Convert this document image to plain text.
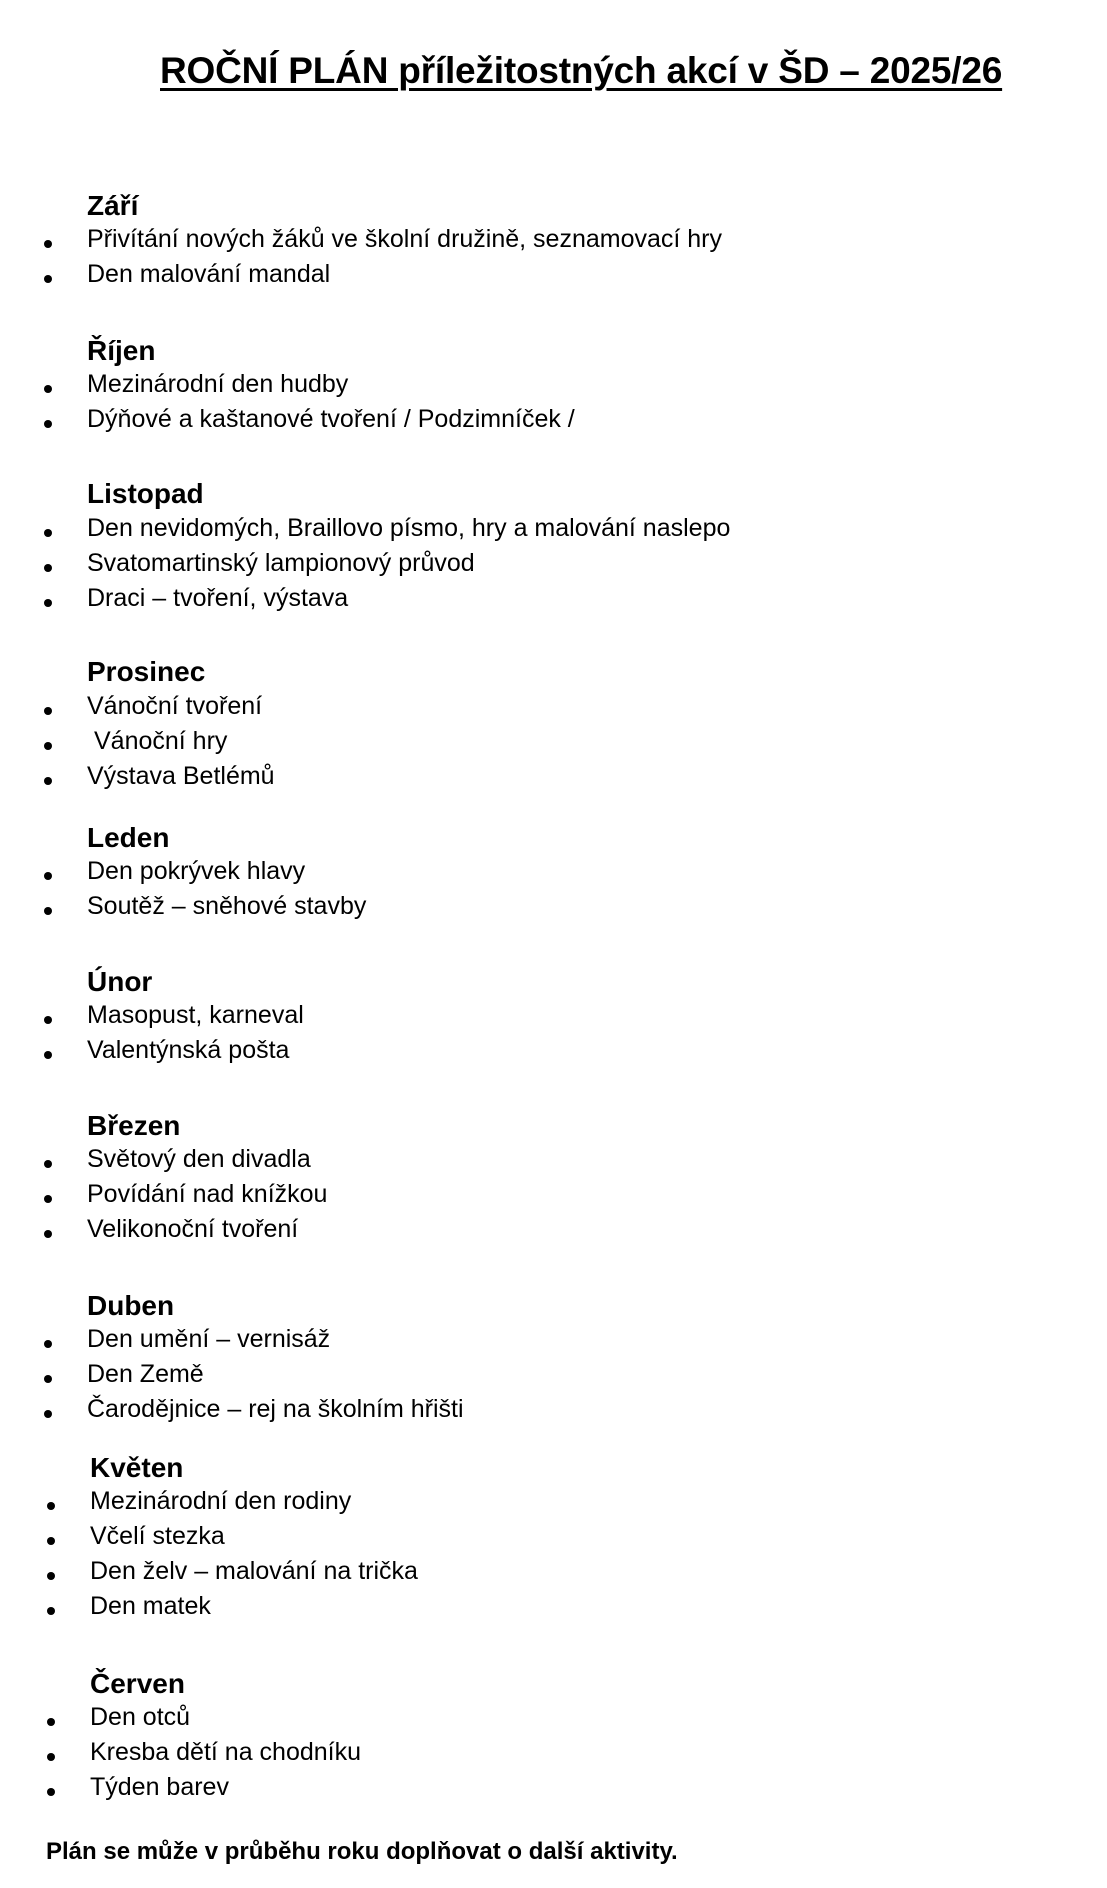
ROČNÍ PLÁN příležitostných akcí v ŠD – 2025/26
Září
Přivítání nových žáků ve školní družině, seznamovací hry
Den malování mandal
Říjen
Mezinárodní den hudby
Dýňové a kaštanové tvoření / Podzimníček /
Listopad
Den nevidomých, Braillovo písmo, hry a malování naslepo
Svatomartinský lampionový průvod
Draci – tvoření, výstava
Prosinec
Vánoční tvoření
Vánoční hry
Výstava Betlémů
Leden
Den pokrývek hlavy
Soutěž – sněhové stavby
Únor
Masopust, karneval
Valentýnská pošta
Březen
Světový den divadla
Povídání nad knížkou
Velikonoční tvoření
Duben
Den umění – vernisáž
Den Země
Čarodějnice – rej na školním hřišti
Květen
Mezinárodní den rodiny
Včelí stezka
Den želv – malování na trička
Den matek
Červen
Den otců
Kresba dětí na chodníku
Týden barev
Plán se může v průběhu roku doplňovat o další aktivity.
